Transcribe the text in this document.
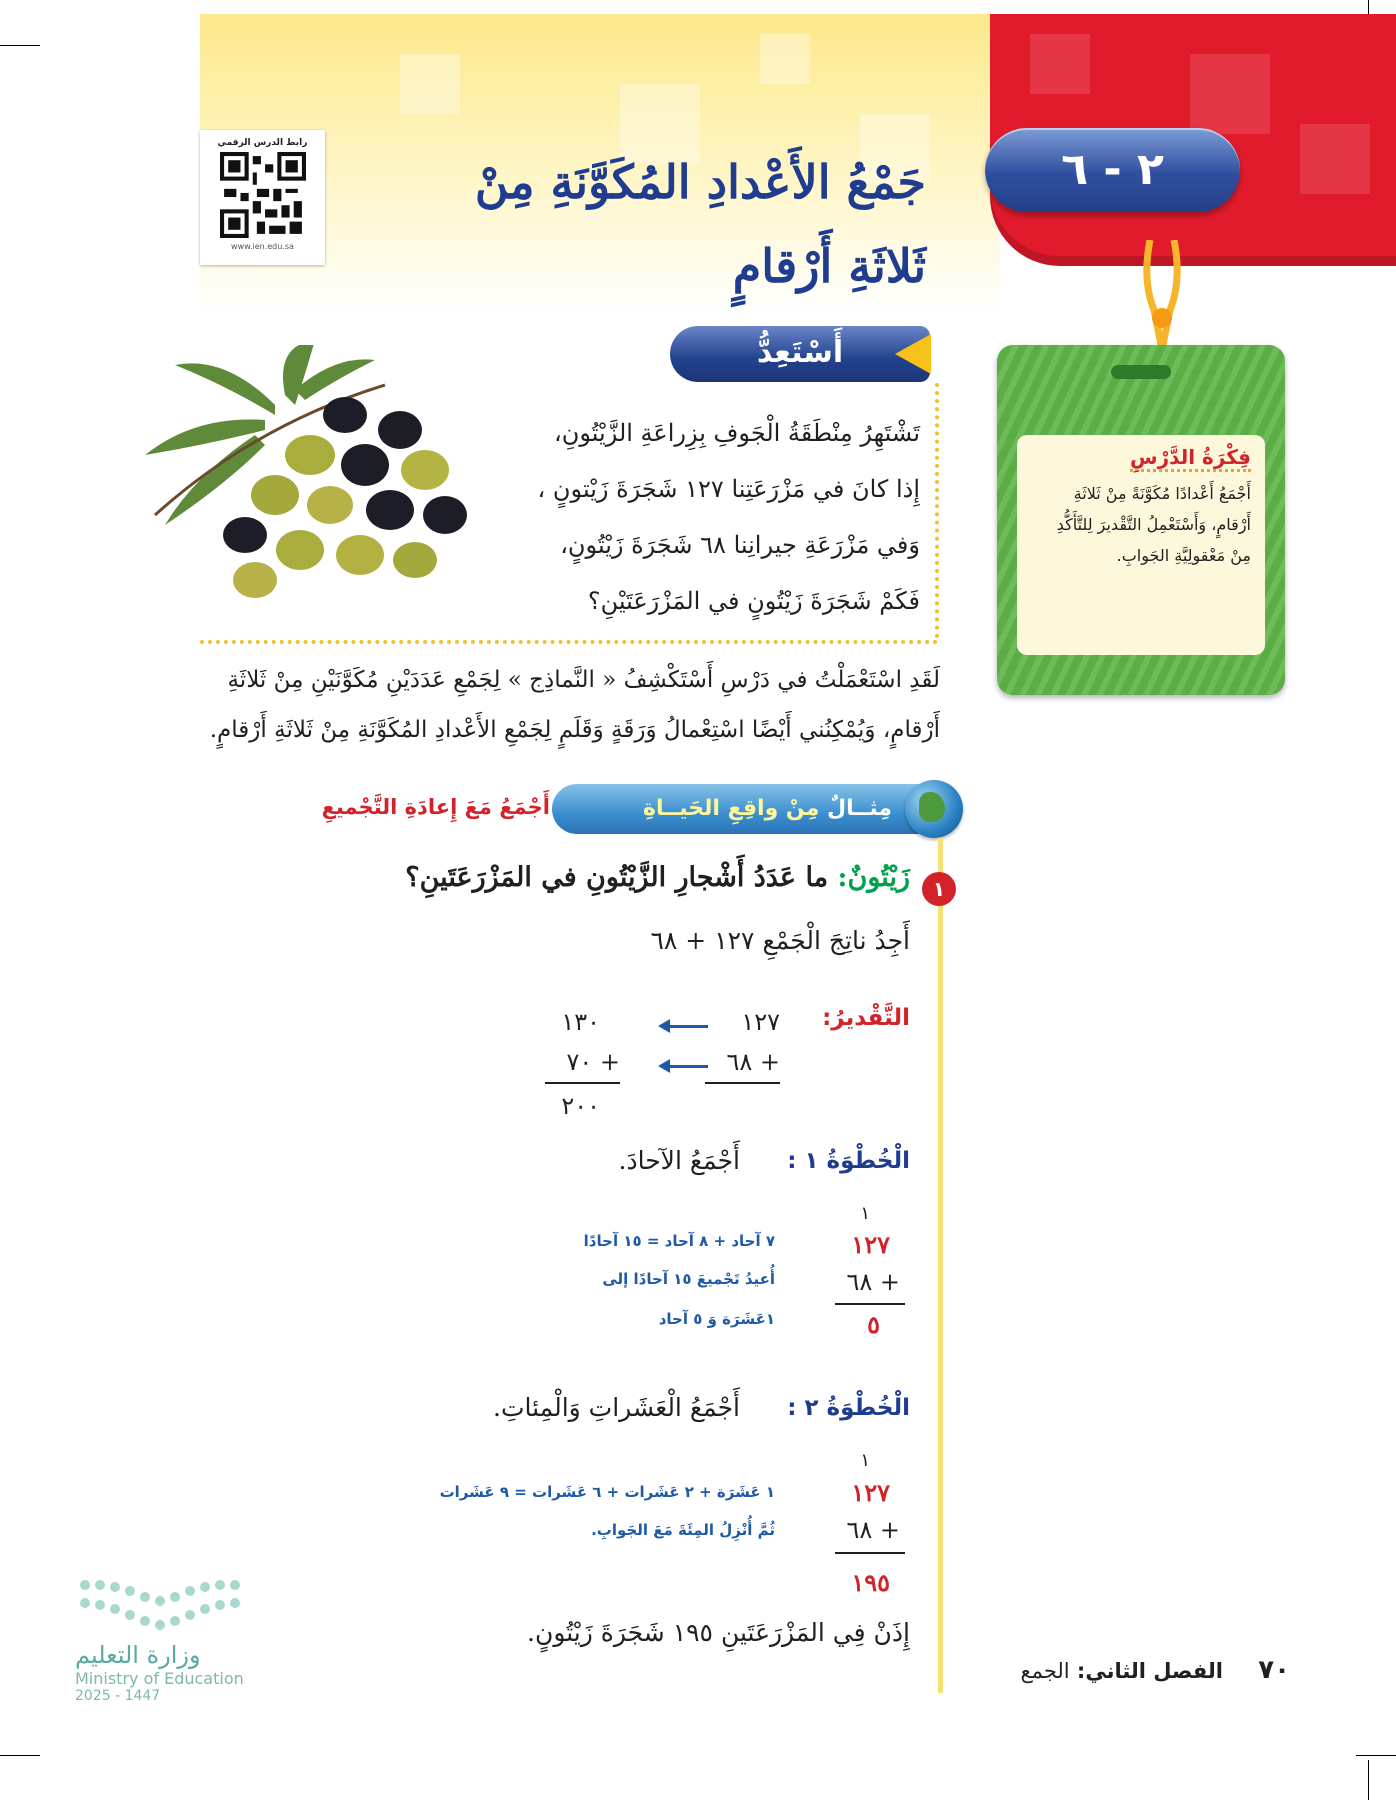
٢ - ٦
جَمْعُ الأَعْدادِ المُكَوَّنَةِ مِنْ
ثَلاثَةِ أَرْقامٍ
رابط الدرس الرقمي
www.ien.edu.sa
فِكْرَةُ الدَّرْسِ
أَجْمَعُ أَعْدادًا مُكَوَّنَةً مِنْ ثَلاثَةِ أَرْقامٍ، وَأَسْتَعْمِلُ التَّقْديرَ لِلتَّأَكُّدِ مِنْ مَعْقولِيَّةِ الجَوابِ.
أَسْتَعِدُّ
تَشْتَهِرُ مِنْطَقَةُ الْجَوفِ بِزِراعَةِ الزَّيْتُونِ،
إِذا كانَ في مَزْرَعَتِنا ١٢٧ شَجَرَةَ زَيْتونٍ ،
وَفي مَزْرَعَةِ جيرانِنا ٦٨ شَجَرَةَ زَيْتُونٍ،
فَكَمْ شَجَرَةَ زَيْتُونٍ في المَزْرَعَتَيْنِ؟
لَقَدِ اسْتَعْمَلْتُ في دَرْسِ أَسْتَكْشِفُ « النَّماذِج » لِجَمْعِ عَدَدَيْنِ مُكَوَّنَيْنِ مِنْ ثَلاثَةِ
أَرْقامٍ، وَيُمْكِنُني أَيْضًا اسْتِعْمالُ وَرَقَةٍ وَقَلَمٍ لِجَمْعِ الأَعْدادِ المُكَوَّنَةِ مِنْ ثَلاثَةِ أَرْقامٍ.
مِثــالٌ مِنْ واقِعِ الحَيــاةِ
أَجْمَعُ مَعَ إِعادَةِ التَّجْميعِ
١
زَيْتُونٌ: ما عَدَدُ أَشْجارِ الزَّيْتُونِ في المَزْرَعَتَينِ؟
أَجِدُ ناتِجَ الْجَمْعِ ١٢٧ + ٦٨
التَّقْديرُ:
١٢٧
+ ٦٨
١٣٠
+ ٧٠
٢٠٠
الْخُطْوَةُ ١ :
أَجْمَعُ الآحادَ.
١
١٢٧
+ ٦٨
٥
٧ آحاد + ٨ آحاد = ١٥ آحادًا
أُعيدُ تَجْميعَ ١٥ آحادًا إلى
١عَشَرَة وَ ٥ آحاد
الْخُطْوَةُ ٢ :
أَجْمَعُ الْعَشَراتِ وَالْمِئاتِ.
١
١٢٧
+ ٦٨
١٩٥
١ عَشَرَة + ٢ عَشَرات + ٦ عَشَرات = ٩ عَشَرات
ثُمَّ أُنْزِلُ المِئَةَ مَعَ الجَوابِ.
إِذَنْ فِي المَزْرَعَتَينِ ١٩٥ شَجَرَةَ زَيْتُونٍ.
٧٠ الفصل الثاني: الجمع
وزارة التعليم
Ministry of Education
2025 - 1447
